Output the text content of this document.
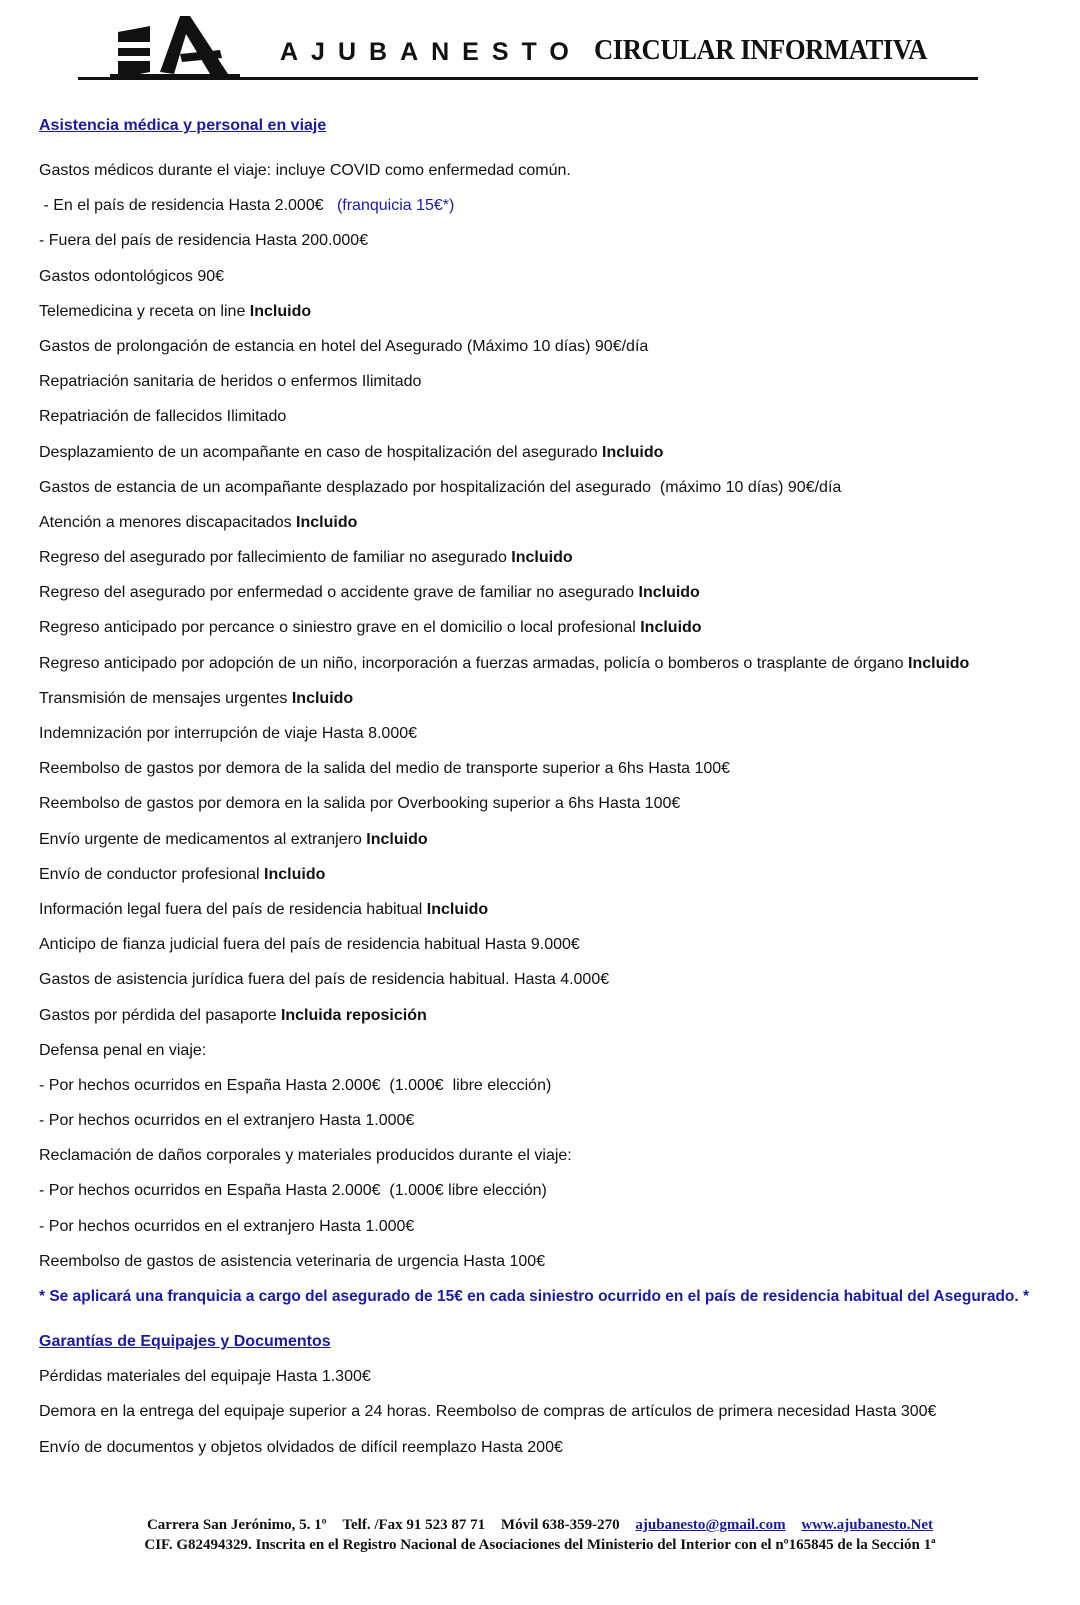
AJUBANESTO CIRCULAR INFORMATIVA
Asistencia médica y personal en viaje
Gastos médicos durante el viaje: incluye COVID como enfermedad común.
- En el país de residencia Hasta 2.000€   (franquicia 15€*)
- Fuera del país de residencia Hasta 200.000€
Gastos odontológicos 90€
Telemedicina y receta on line Incluido
Gastos de prolongación de estancia en hotel del Asegurado (Máximo 10 días) 90€/día
Repatriación sanitaria de heridos o enfermos Ilimitado
Repatriación de fallecidos Ilimitado
Desplazamiento de un acompañante en caso de hospitalización del asegurado Incluido
Gastos de estancia de un acompañante desplazado por hospitalización del asegurado  (máximo 10 días) 90€/día
Atención a menores discapacitados Incluido
Regreso del asegurado por fallecimiento de familiar no asegurado Incluido
Regreso del asegurado por enfermedad o accidente grave de familiar no asegurado Incluido
Regreso anticipado por percance o siniestro grave en el domicilio o local profesional Incluido
Regreso anticipado por adopción de un niño, incorporación a fuerzas armadas, policía o bomberos o trasplante de órgano Incluido
Transmisión de mensajes urgentes Incluido
Indemnización por interrupción de viaje Hasta 8.000€
Reembolso de gastos por demora de la salida del medio de transporte superior a 6hs Hasta 100€
Reembolso de gastos por demora en la salida por Overbooking superior a 6hs Hasta 100€
Envío urgente de medicamentos al extranjero Incluido
Envío de conductor profesional Incluido
Información legal fuera del país de residencia habitual Incluido
Anticipo de fianza judicial fuera del país de residencia habitual Hasta 9.000€
Gastos de asistencia jurídica fuera del país de residencia habitual. Hasta 4.000€
Gastos por pérdida del pasaporte Incluida reposición
Defensa penal en viaje:
- Por hechos ocurridos en España Hasta 2.000€  (1.000€  libre elección)
- Por hechos ocurridos en el extranjero Hasta 1.000€
Reclamación de daños corporales y materiales producidos durante el viaje:
- Por hechos ocurridos en España Hasta 2.000€  (1.000€ libre elección)
- Por hechos ocurridos en el extranjero Hasta 1.000€
Reembolso de gastos de asistencia veterinaria de urgencia Hasta 100€
* Se aplicará una franquicia a cargo del asegurado de 15€ en cada siniestro ocurrido en el país de residencia habitual del Asegurado. *
Garantías de Equipajes y Documentos
Pérdidas materiales del equipaje Hasta 1.300€
Demora en la entrega del equipaje superior a 24 horas. Reembolso de compras de artículos de primera necesidad Hasta 300€
Envío de documentos y objetos olvidados de difícil reemplazo Hasta 200€
Carrera San Jerónimo, 5. 1º Telf. /Fax 91 523 87 71 Móvil 638-359-270 ajubanesto@gmail.com www.ajubanesto.Net
CIF. G82494329. Inscrita en el Registro Nacional de Asociaciones del Ministerio del Interior con el nº165845 de la Sección 1ª
